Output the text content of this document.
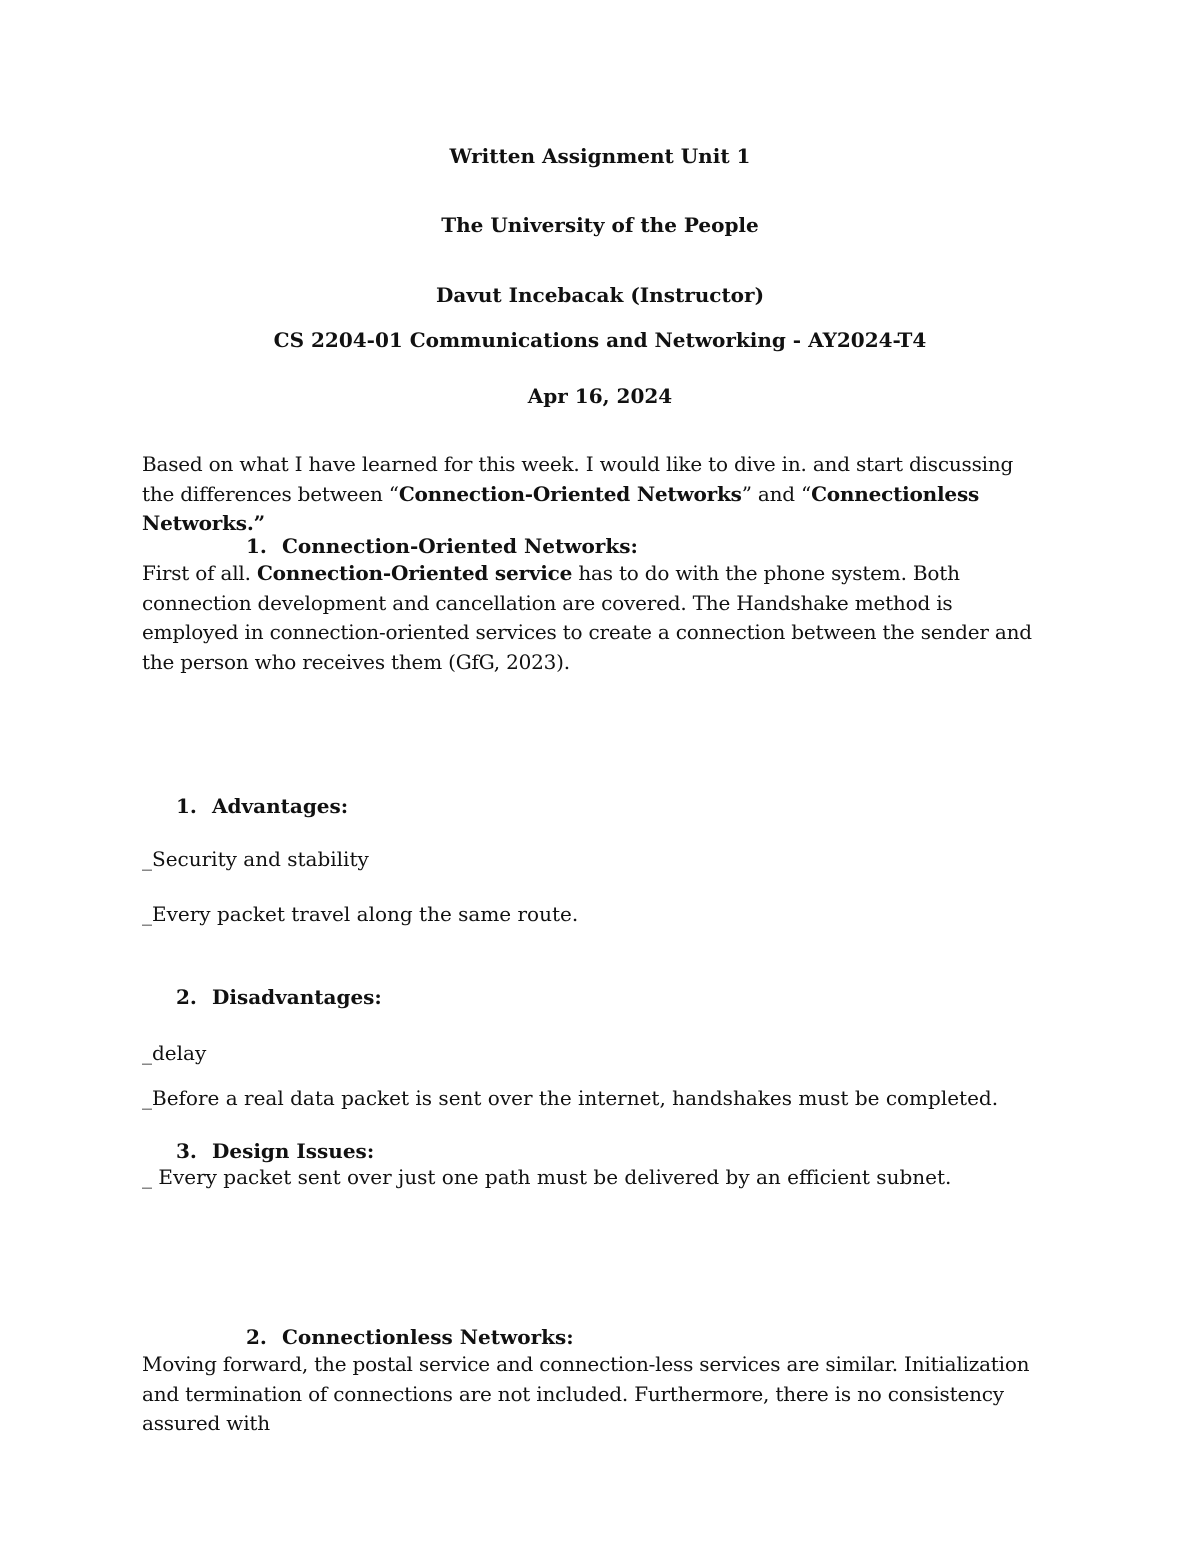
Written Assignment Unit 1
The University of the People
Davut Incebacak (Instructor)
CS 2204-01 Communications and Networking - AY2024-T4
Apr 16, 2024
Based on what I have learned for this week. I would like to dive in. and start discussing the differences between “Connection-Oriented Networks” and “Connectionless Networks.”
1. Connection-Oriented Networks:
First of all. Connection-Oriented service has to do with the phone system. Both connection development and cancellation are covered. The Handshake method is employed in connection-oriented services to create a connection between the sender and the person who receives them (GfG, 2023).
1. Advantages:
_Security and stability
_Every packet travel along the same route.
2. Disadvantages:
_delay
_Before a real data packet is sent over the internet, handshakes must be completed.
3. Design Issues:
_ Every packet sent over just one path must be delivered by an efficient subnet.
2. Connectionless Networks:
Moving forward, the postal service and connection-less services are similar. Initialization and termination of connections are not included. Furthermore, there is no consistency assured with
